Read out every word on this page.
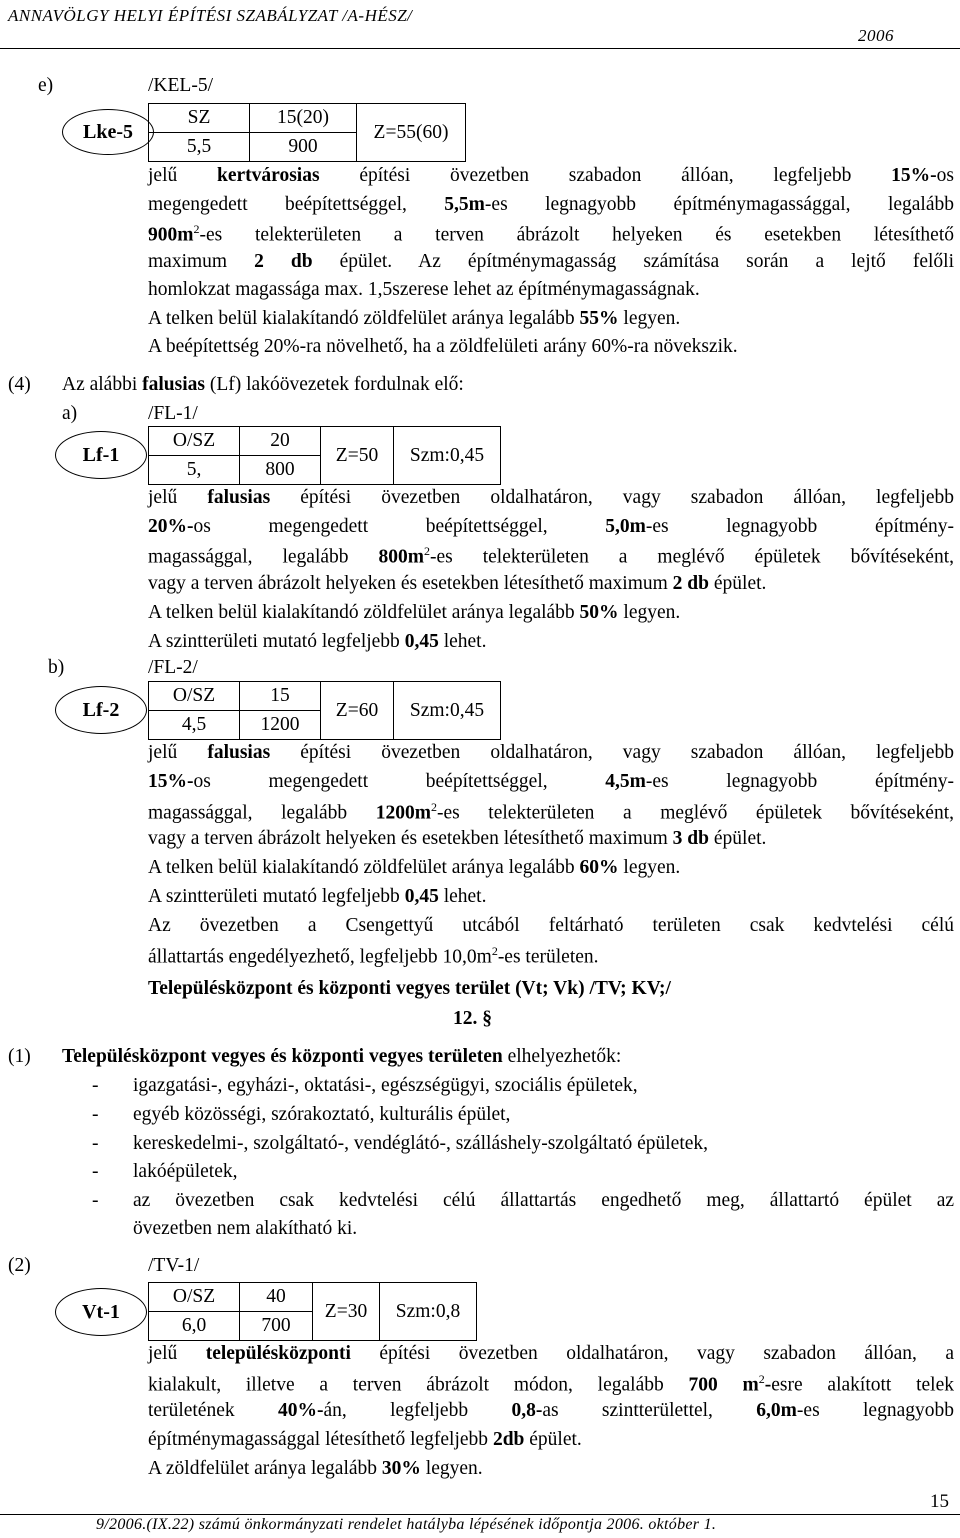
ANNAVÖLGY HELYI ÉPÍTÉSI SZABÁLYZAT /A-HÉSZ/
2006
e)	/KEL-5/
Lke-5
SZ	15(20)	Z=55(60)
5,5	900	
jelű kertvárosias építési övezetben szabadon állóan, legfeljebb 15%-os
megengedett beépítettséggel, 5,5m-es legnagyobb építménymagassággal, legalább
$900m^2-es$ telekterületen a terven ábrázolt helyeken és esetekben létesíthető
maximum 2 db épület. Az építménymagasság számítása során a lejtő felőli
homlokzat magassága max. 1,5szerese lehet az építménymagasságnak.
A telken belül kialakítandó zöldfelület aránya legalább 55% legyen.
A beépítettség 20%-ra növelhető, ha a zöldfelületi arány 60%-ra növekszik.
(4) Az alábbi falusias (Lf) lakóövezetek fordulnak elő:
a)	/FL-1/
Lf-1
O/SZ	20	Z=50	Szm:0,45
5,	800		
jelű falusias építési övezetben oldalhatáron, vagy szabadon állóan, legfeljebb
20%-os megengedett beépítettséggel, 5,0m-es legnagyobb építmény-
magassággal, legalább $800m^2-es$ telekterületen a meglévő épületek bővítéseként,
vagy a terven ábrázolt helyeken és esetekben létesíthető maximum 2 db épület.
A telken belül kialakítandó zöldfelület aránya legalább 50% legyen.
A szintterületi mutató legfeljebb 0,45 lehet.
b)	/FL-2/
Lf-2
O/SZ	15	Z=60	Szm:0,45
4,5	1200		
jelű falusias építési övezetben oldalhatáron, vagy szabadon állóan, legfeljebb
15%-os megengedett beépítettséggel, 4,5m-es legnagyobb építmény-
magassággal, legalább $1200m^2-es$ telekterületen a meglévő épületek bővítéseként,
vagy a terven ábrázolt helyeken és esetekben létesíthető maximum 3 db épület.
A telken belül kialakítandó zöldfelület aránya legalább 60% legyen.
A szintterületi mutató legfeljebb 0,45 lehet.
Az övezetben a Csengettyű utcából feltárható területen csak kedvtelési célú
állattartás engedélyezhető, legfeljebb $10,0m^2-es$ területen.
Településközpont és központi vegyes terület (Vt; Vk) /TV; KV;/
12. §
(1) Településközpont vegyes és központi vegyes területen elhelyezhetők:
- igazgatási-, egyházi-, oktatási-, egészségügyi, szociális épületek,
- egyéb közösségi, szórakoztató, kulturális épület,
- kereskedelmi-, szolgáltató-, vendéglátó-, szálláshely-szolgáltató épületek,
- lakóépületek,
- az övezetben csak kedvtelési célú állattartás engedhető meg, állattartó épület az
övezetben nem alakítható ki.
(2)	/TV-1/
Vt-1
O/SZ	40	Z=30	Szm:0,8
6,0	700		
jelű településközponti építési övezetben oldalhatáron, vagy szabadon állóan, a
kialakult, illetve a terven ábrázolt módon, legalább 700 $m^2$-esre alakított telek
területének 40%-án, legfeljebb 0,8-as szintterülettel, 6,0m-es legnagyobb
építménymagassággal létesíthető legfeljebb 2db épület.
A zöldfelület aránya legalább 30% legyen.
15
9/2006.(IX.22) számú önkormányzati rendelet hatályba lépésének időpontja 2006. október 1.
